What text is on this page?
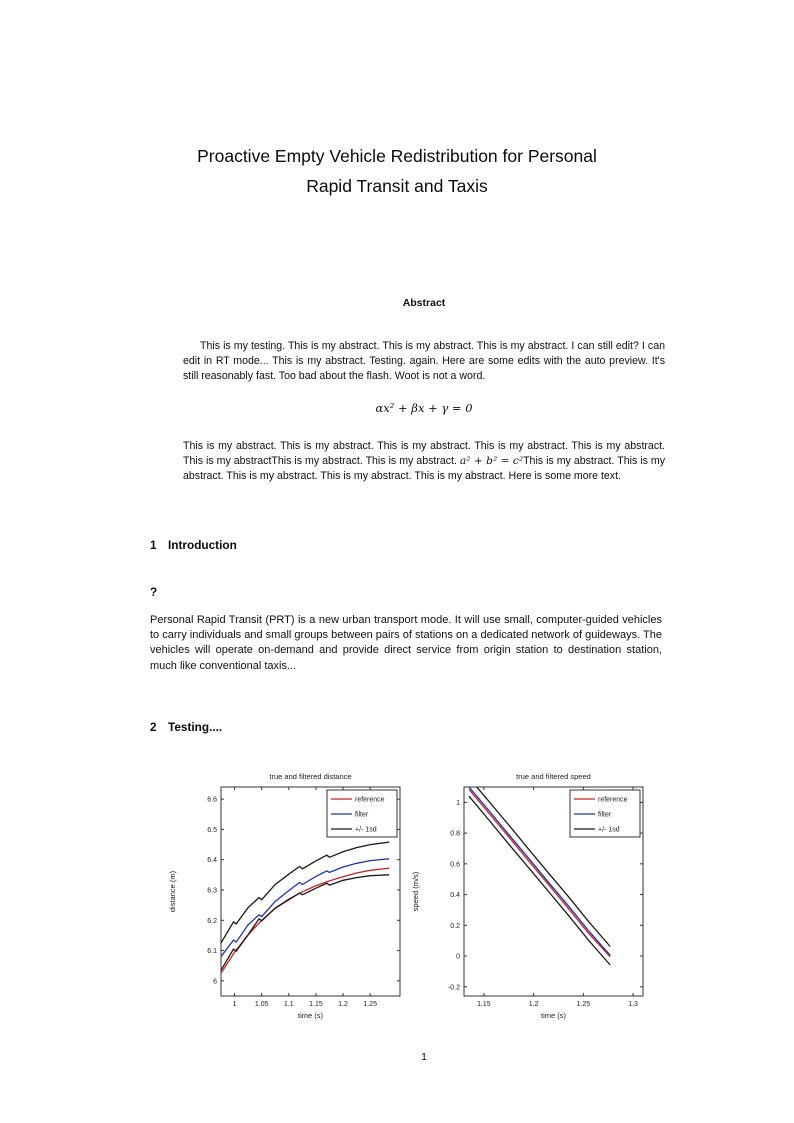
Proactive Empty Vehicle Redistribution for Personal
Rapid Transit and Taxis
Abstract

This is my testing. This is my abstract. This is my abstract. This is my abstract. I can still edit? I can edit in RT mode... This is my abstract. Testing. again. Here are some edits with the auto preview. It's still reasonably fast. Too bad about the flash. Woot is not a word.

αx² + βx + γ = 0

This is my abstract. This is my abstract. This is my abstract. This is my abstract. This is my abstract. This is my abstractThis is my abstract. This is my abstract. a² + b² = c²This is my abstract. This is my abstract. This is my abstract. This is my abstract. This is my abstract. Here is some more text.

1 Introduction
?

Personal Rapid Transit (PRT) is a new urban transport mode. It will use small, computer-guided vehicles to carry individuals and small groups between pairs of stations on a dedicated network of guideways. The vehicles will operate on-demand and provide direct service from origin station to destination station, much like conventional taxis...

2 Testing....
1	1.05 1.1 1.15 1.2 1.25
6
6.1
6.2
6.3
6.4
6.5
6.6
true and filtered distance
time (s)
distance (m)
reference
filter
+/- 1sd
1.15	1.2	1.25	1.3
-0.2
0
0.2
0.4
0.6
0.8
1
true and filtered speed
time (s)
speed (m/s)
reference
filter
+/- 1sd
1
